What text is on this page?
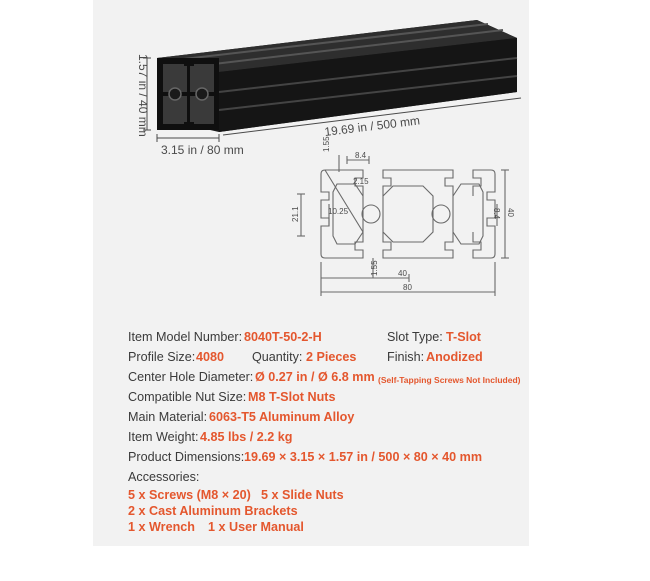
1.57 in / 40 mm
3.15 in / 80 mm
19.69 in / 500 mm
8.4
1.55
2.15
10.25
21.1	8.4 40
1.55 40
80
Item Model Number: 8040T-50-2-H	Slot Type: T-Slot
Profile Size: 4080 Quantity: 2 Pieces Finish: Anodized
Center Hole Diameter: Ø 0.27 in / Ø 6.8 mm (Self-Tapping Screws Not Included)
Compatible Nut Size: M8 T-Slot Nuts
Main Material: 6063-T5 Aluminum Alloy
Item Weight: 4.85 lbs / 2.2 kg
Product Dimensions: 19.69 × 3.15 × 1.57 in / 500 × 80 × 40 mm
Accessories:
5 x Screws (M8 × 20) 5 x Slide Nuts
2 x Cast Aluminum Brackets
1 x Wrench 1 x User Manual
